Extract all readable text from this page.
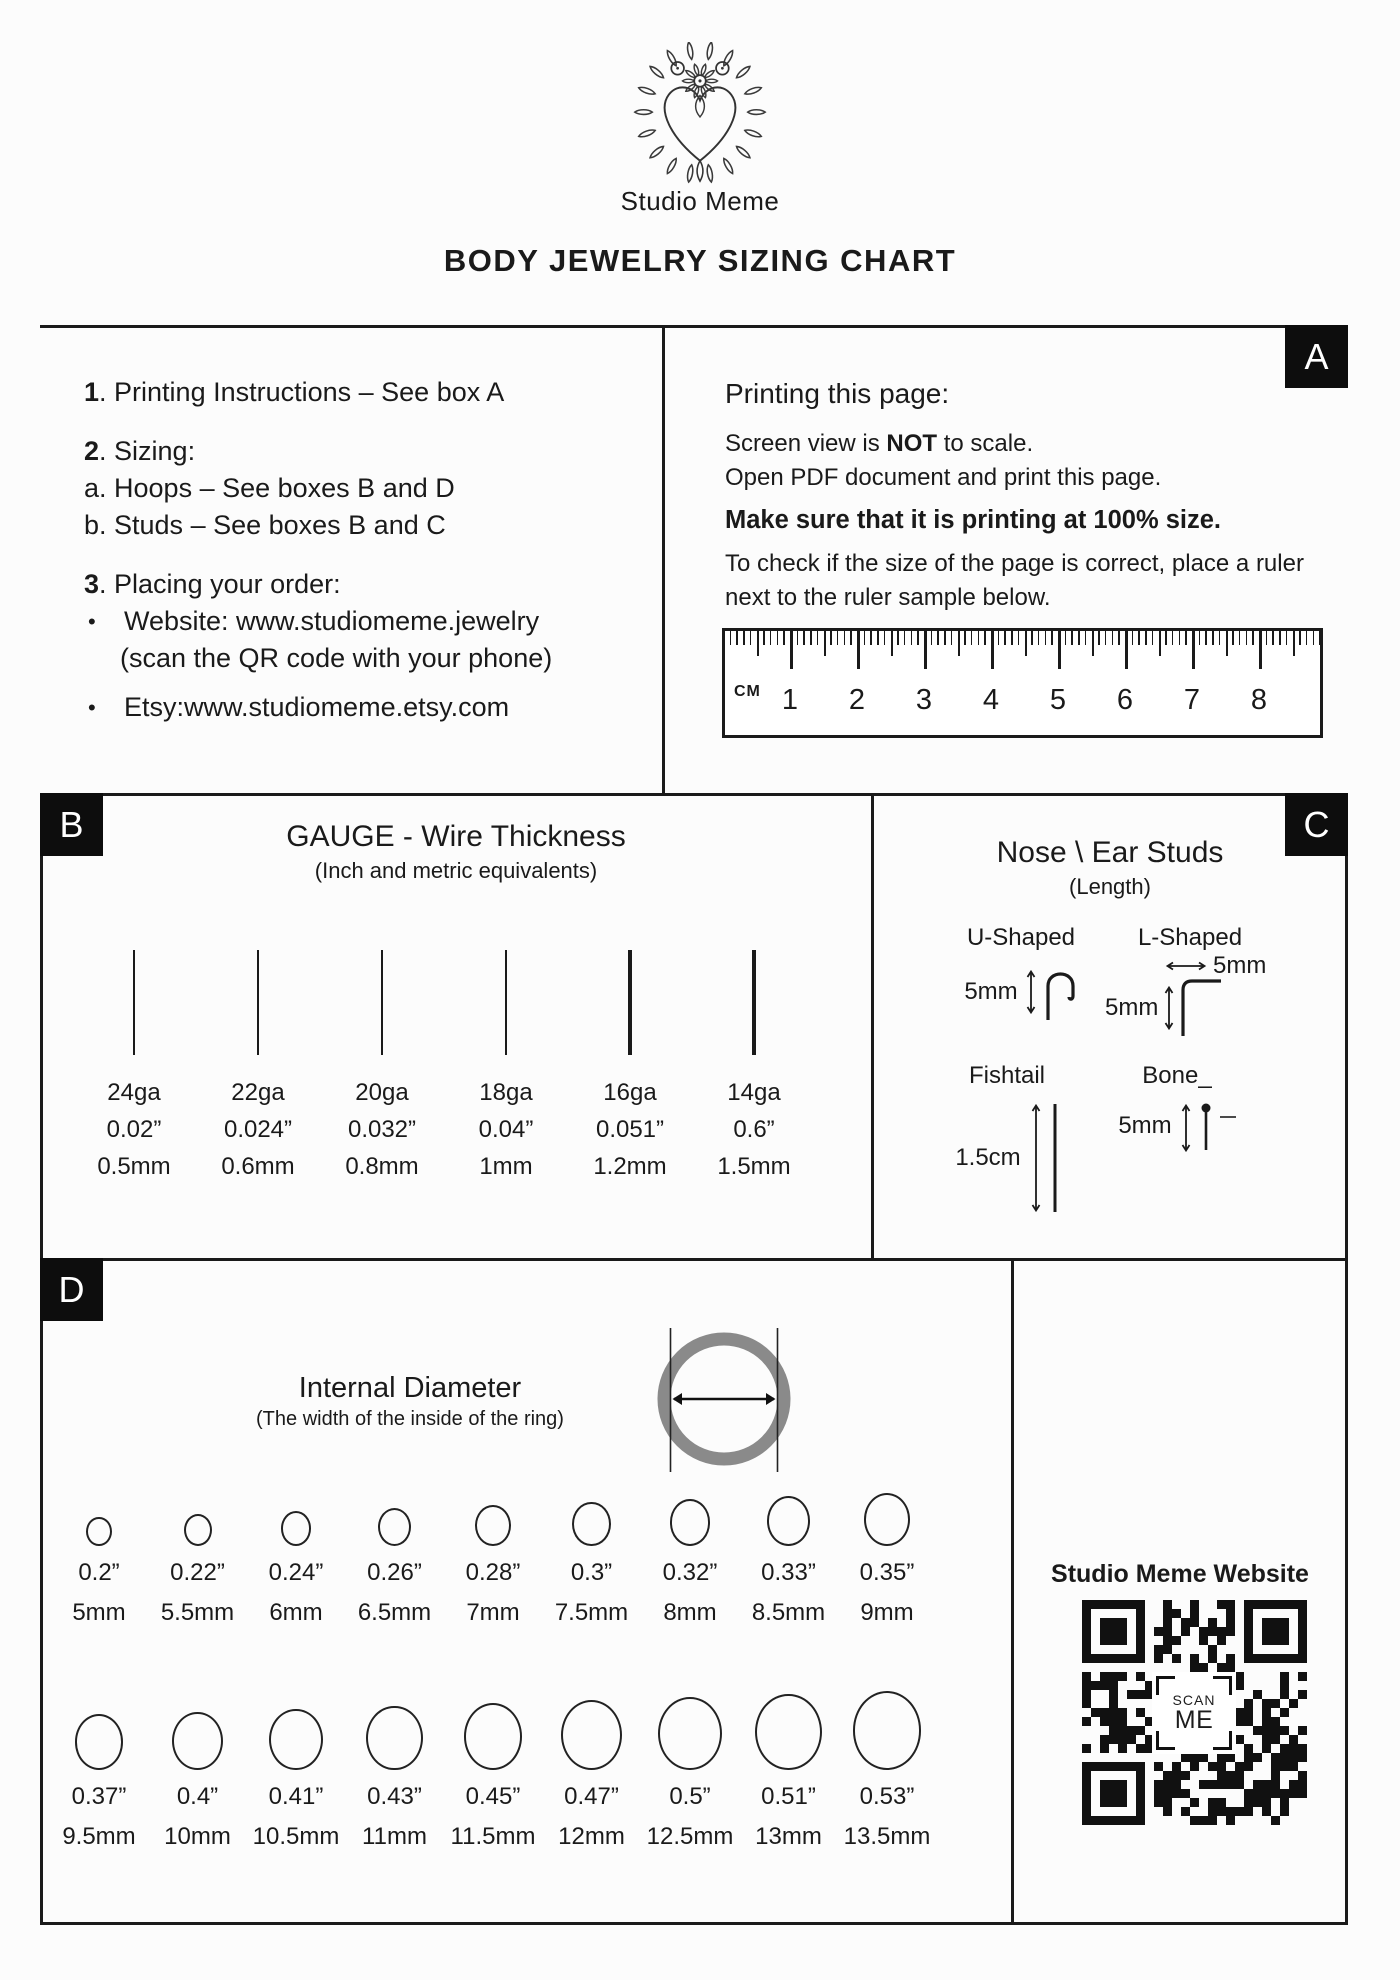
Studio Meme
BODY JEWELRY SIZING CHART
A
B	C
D
1. Printing Instructions – See box A
2. Sizing:
a. Hoops – See boxes B and D
b. Studs – See boxes B and C
3. Placing your order:
•	Website: www.studiomeme.jewelry
(scan the QR code with your phone)
•	Etsy:www.studiomeme.etsy.com
Printing this page:
Screen view is NOT to scale.
Open PDF document and print this page.
Make sure that it is printing at 100% size.
To check if the size of the page is correct, place a ruler
next to the ruler sample below.
CM 1	2	3	4	5	6	7	8
GAUGE - Wire Thickness
(Inch and metric equivalents)
24ga
0.02”
0.5mm
22ga
0.024”
0.6mm
20ga
0.032”
0.8mm
18ga
0.04”
1mm
16ga
0.051”
1.2mm
14ga
0.6”
1.5mm
Nose \ Ear Studs
(Length)
U-Shaped
5mm
L-Shaped
5mm
5mm
Fishtail
1.5cm
Bone_
5mm
Internal Diameter
(The width of the inside of the ring)
0.2”
5mm
0.22”
5.5mm
0.24”
6mm
0.26”
6.5mm
0.28”
7mm
0.3”
7.5mm
0.32”
8mm
0.33”
8.5mm
0.35”
9mm
0.37”
9.5mm
0.4”
10mm
0.41”
10.5mm
0.43”
11mm
0.45”
11.5mm
0.47”
12mm
0.5”
12.5mm
0.51”
13mm
0.53”
13.5mm
Studio Meme Website
SCAN
ME
